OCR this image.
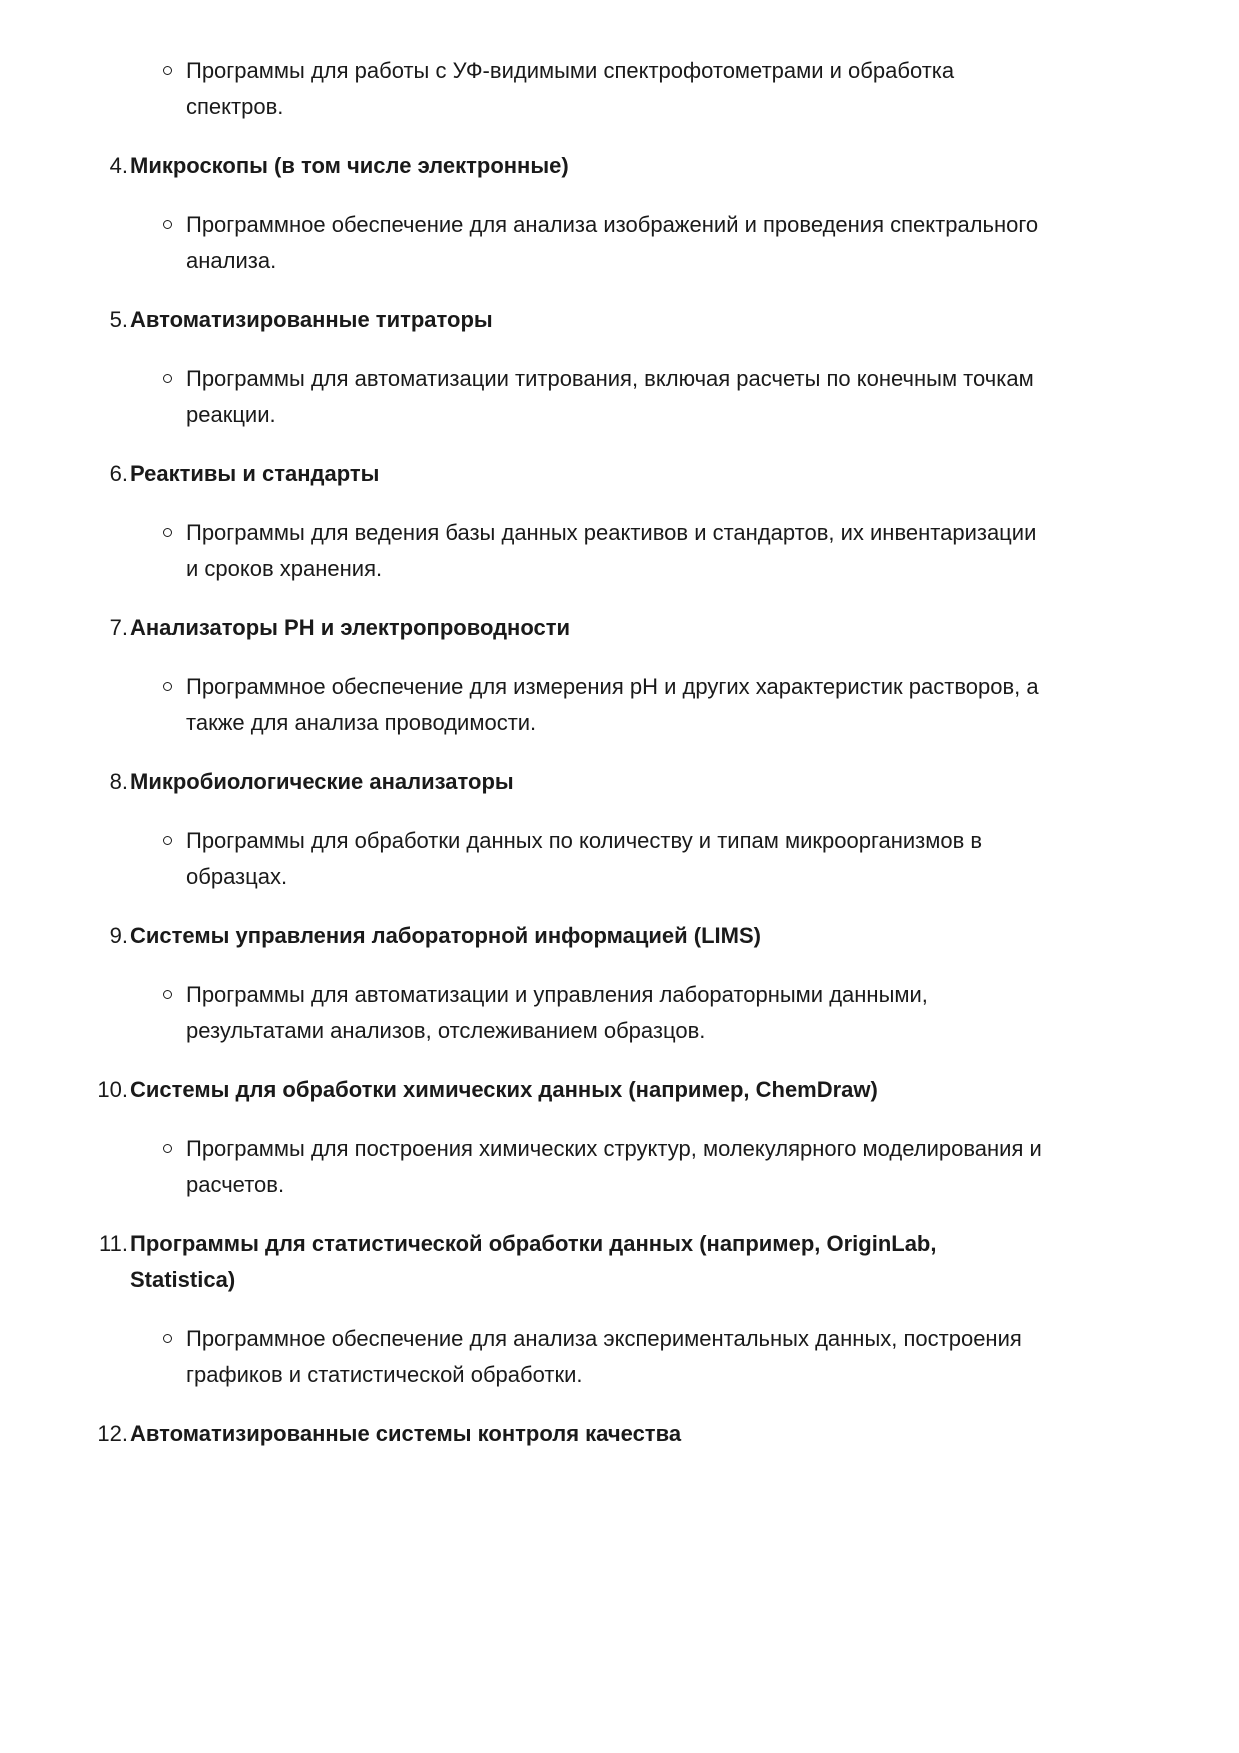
Программы для работы с УФ-видимыми спектрофотометрами и обработка спектров.
4. Микроскопы (в том числе электронные)
Программное обеспечение для анализа изображений и проведения спектрального анализа.
5. Автоматизированные титраторы
Программы для автоматизации титрования, включая расчеты по конечным точкам реакции.
6. Реактивы и стандарты
Программы для ведения базы данных реактивов и стандартов, их инвентаризации и сроков хранения.
7. Анализаторы PH и электропроводности
Программное обеспечение для измерения pH и других характеристик растворов, а также для анализа проводимости.
8. Микробиологические анализаторы
Программы для обработки данных по количеству и типам микроорганизмов в образцах.
9. Системы управления лабораторной информацией (LIMS)
Программы для автоматизации и управления лабораторными данными, результатами анализов, отслеживанием образцов.
10. Системы для обработки химических данных (например, ChemDraw)
Программы для построения химических структур, молекулярного моделирования и расчетов.
11. Программы для статистической обработки данных (например, OriginLab, Statistica)
Программное обеспечение для анализа экспериментальных данных, построения графиков и статистической обработки.
12. Автоматизированные системы контроля качества
